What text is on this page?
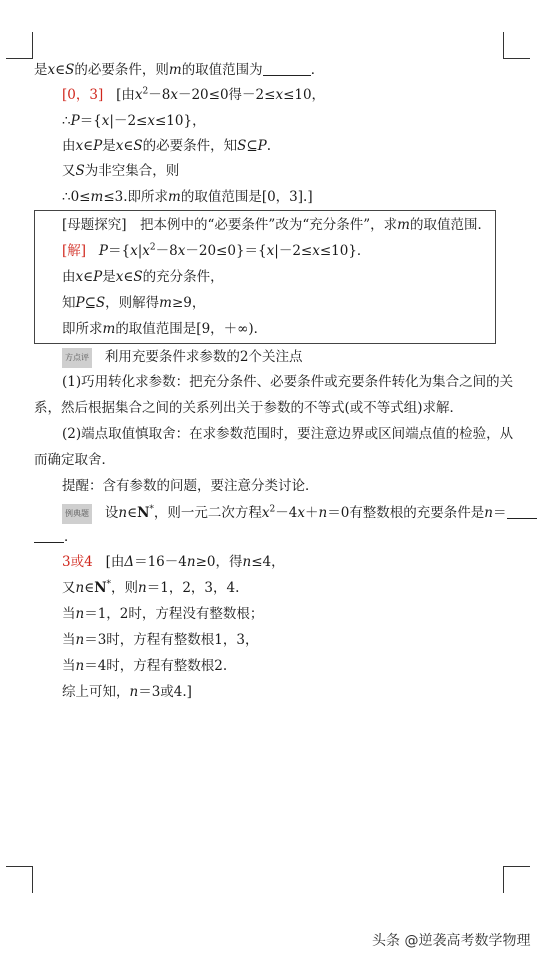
是x∈S的必要条件，则m的取值范围为	．
[0，3] [由$x^2-8x-20\le 0$得－2≤x≤10，
∴P＝{x|－2≤x≤10}，
由x∈P是x∈S的必要条件，知S⊆P.
又S为非空集合，则
∴0≤m≤3.即所求m的取值范围是[0，3].]
[母题探究]　把本例中的“必要条件”改为“充分条件”，求m的取值范围．
[解] $P=\{x|x^2-8x-20\le 0\}=\{x|-2\le x\le 10\}$．
由x∈P是x∈S的充分条件，
知P⊆S，则解得m≥9，
即所求m的取值范围是[9，＋∞)．
方点评 利用充要条件求参数的2个关注点
(1)巧用转化求参数：把充分条件、必要条件或充要条件转化为集合之间的关
系，然后根据集合之间的关系列出关于参数的不等式(或不等式组)求解．
(2)端点取值慎取舍：在求参数范围时，要注意边界或区间端点值的检验，从
而确定取舍．
提醒：含有参数的问题，要注意分类讨论．
例典题 设n∈N*，则一元二次方程$x^2-4x+n=0$有整数根的充要条件是n＝
．
3或4 [由Δ＝16－4n≥0，得n≤4，
又n∈N*，则n＝1，2，3，4.
当n＝1，2时，方程没有整数根；
当n＝3时，方程有整数根1，3，
当n＝4时，方程有整数根2.
综上可知，n＝3或4.]
头条 @逆袭高考数学物理
